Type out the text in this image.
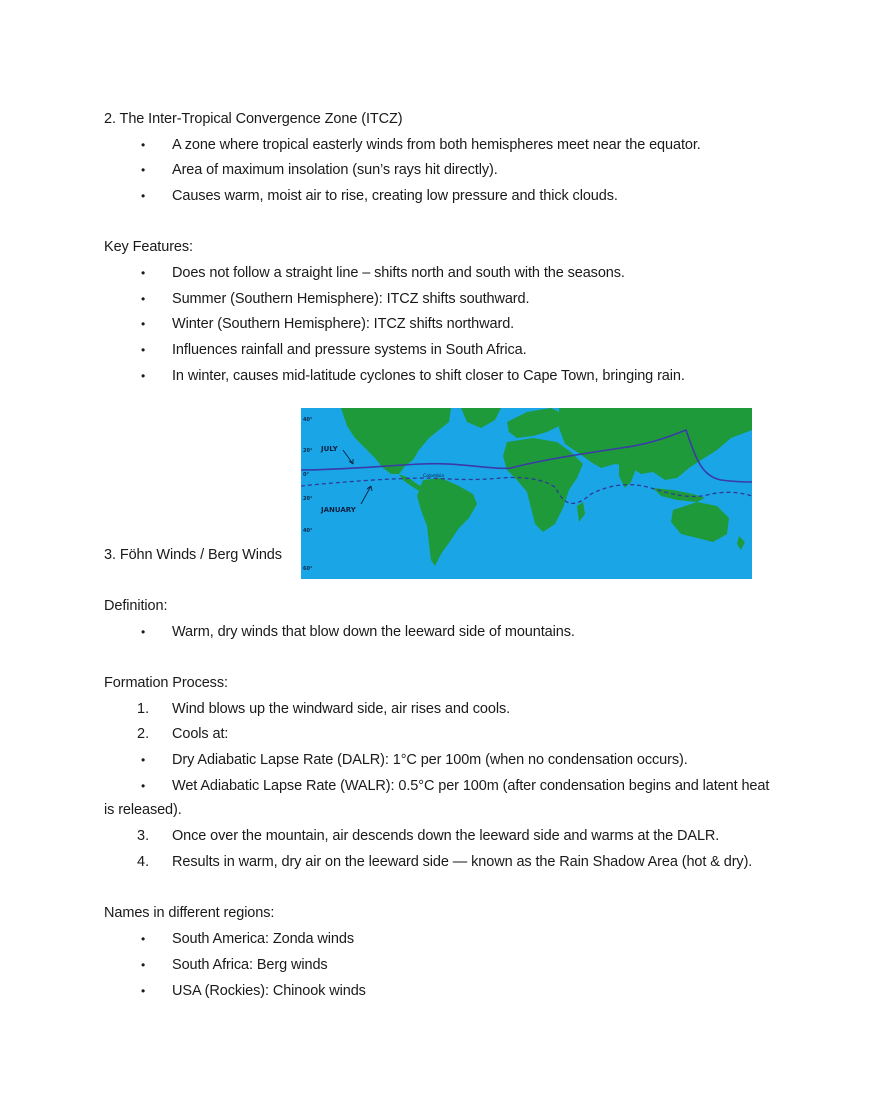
2. The Inter-Tropical Convergence Zone (ITCZ)
• A zone where tropical easterly winds from both hemispheres meet near the equator.
• Area of maximum insolation (sun’s rays hit directly).
• Causes warm, moist air to rise, creating low pressure and thick clouds.
Key Features:
• Does not follow a straight line – shifts north and south with the seasons.
• Summer (Southern Hemisphere): ITCZ shifts southward.
• Winter (Southern Hemisphere): ITCZ shifts northward.
• Influences rainfall and pressure systems in South Africa.
• In winter, causes mid-latitude cyclones to shift closer to Cape Town, bringing rain.
40°
20°
0°
20°
40°
60°
JULY
JANUARY
Colombia
3. Föhn Winds / Berg Winds
Definition:
• Warm, dry winds that blow down the leeward side of mountains.
Formation Process:
1. Wind blows up the windward side, air rises and cools.
2. Cools at:
• Dry Adiabatic Lapse Rate (DALR): 1°C per 100m (when no condensation occurs).
• Wet Adiabatic Lapse Rate (WALR): 0.5°C per 100m (after condensation begins and latent heat
is released).
3. Once over the mountain, air descends down the leeward side and warms at the DALR.
4. Results in warm, dry air on the leeward side — known as the Rain Shadow Area (hot & dry).
Names in different regions:
• South America: Zonda winds
• South Africa: Berg winds
• USA (Rockies): Chinook winds
